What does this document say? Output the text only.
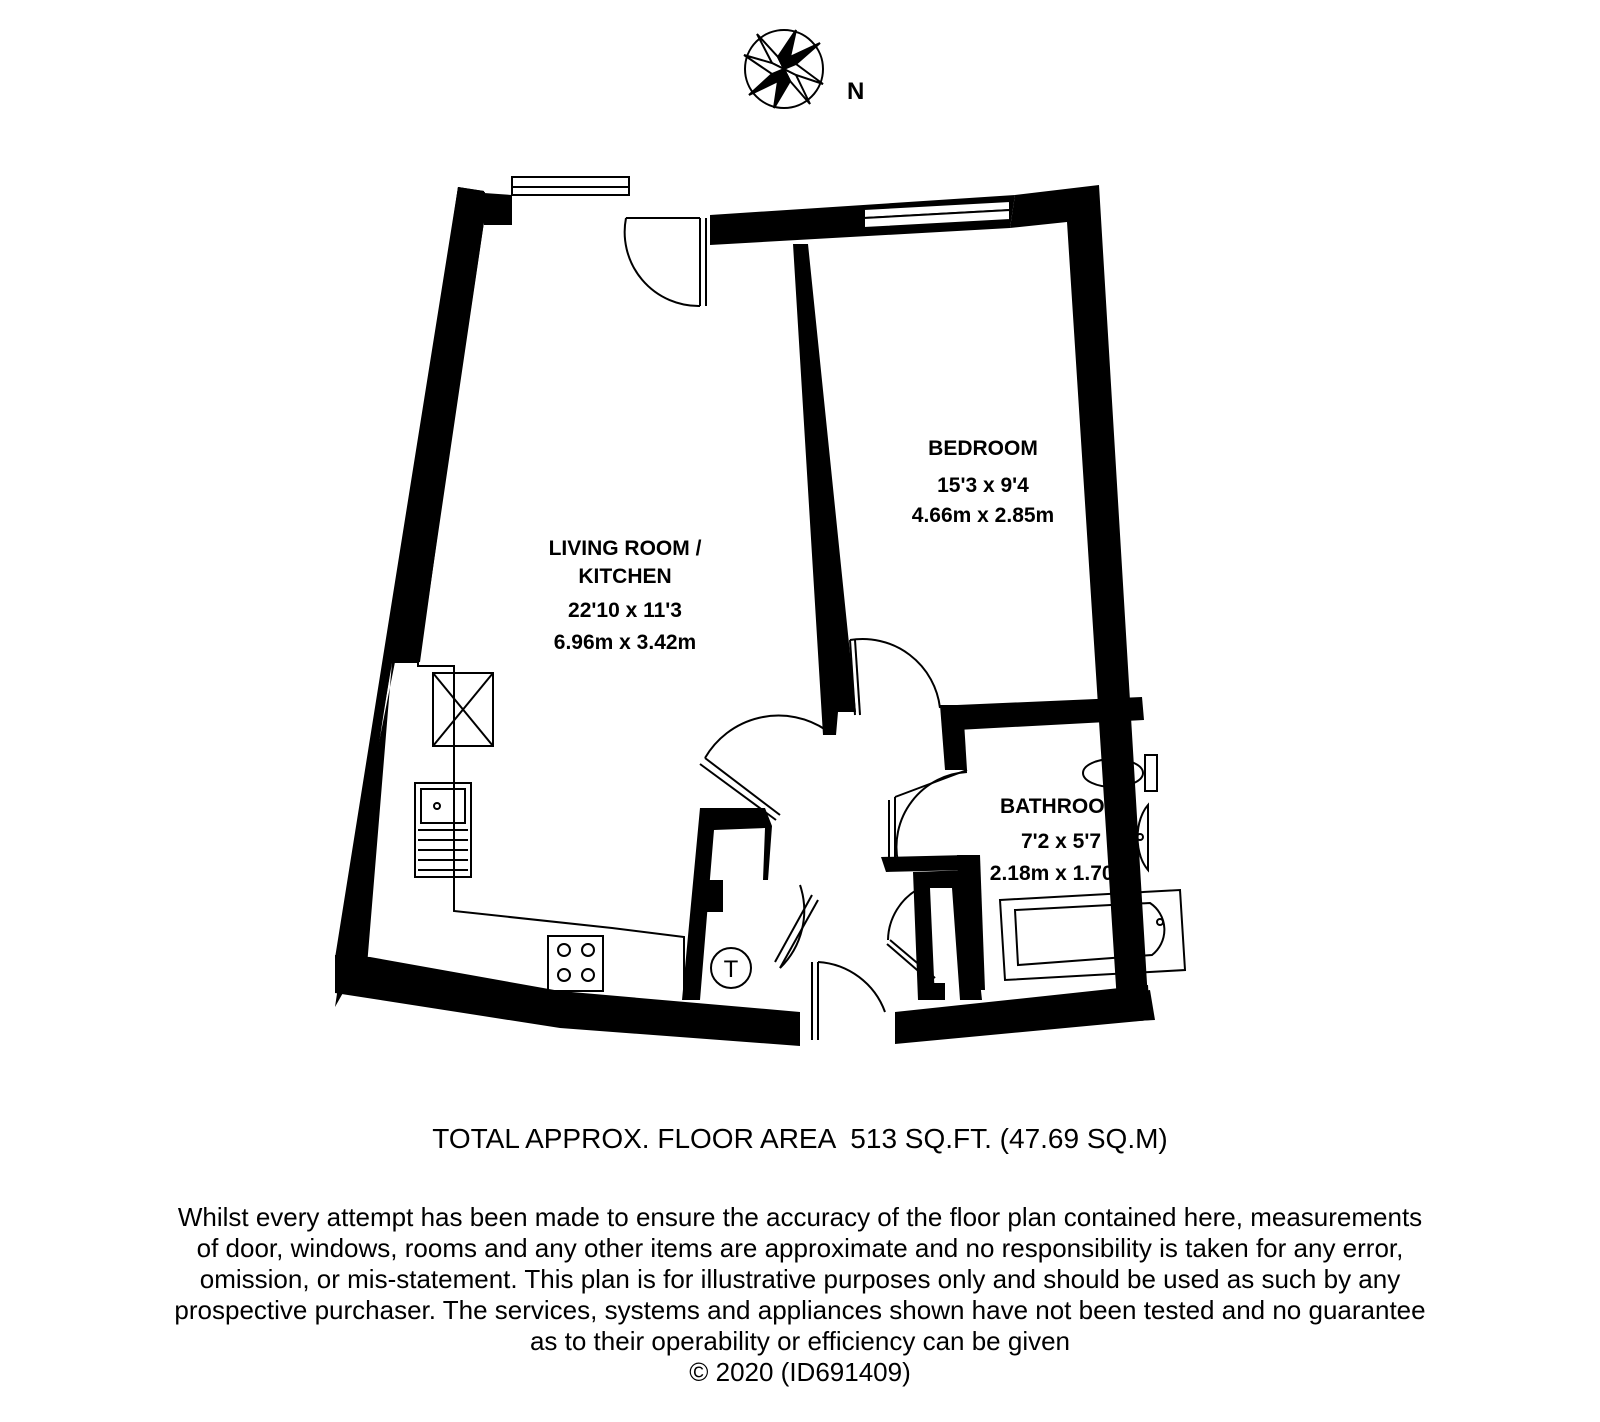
N
T
LIVING ROOM /
KITCHEN
22'10 x 11'3
6.96m x 3.42m
BEDROOM
15'3 x 9'4
4.66m x 2.85m
BATHROOM
7'2 x 5'7
2.18m x 1.70m
TOTAL APPROX. FLOOR AREA  513 SQ.FT. (47.69 SQ.M)
Whilst every attempt has been made to ensure the accuracy of the floor plan contained here, measurements
of door, windows, rooms and any other items are approximate and no responsibility is taken for any error,
omission, or mis-statement. This plan is for illustrative purposes only and should be used as such by any
prospective purchaser. The services, systems and appliances shown have not been tested and no guarantee
as to their operability or efficiency can be given
© 2020 (ID691409)
